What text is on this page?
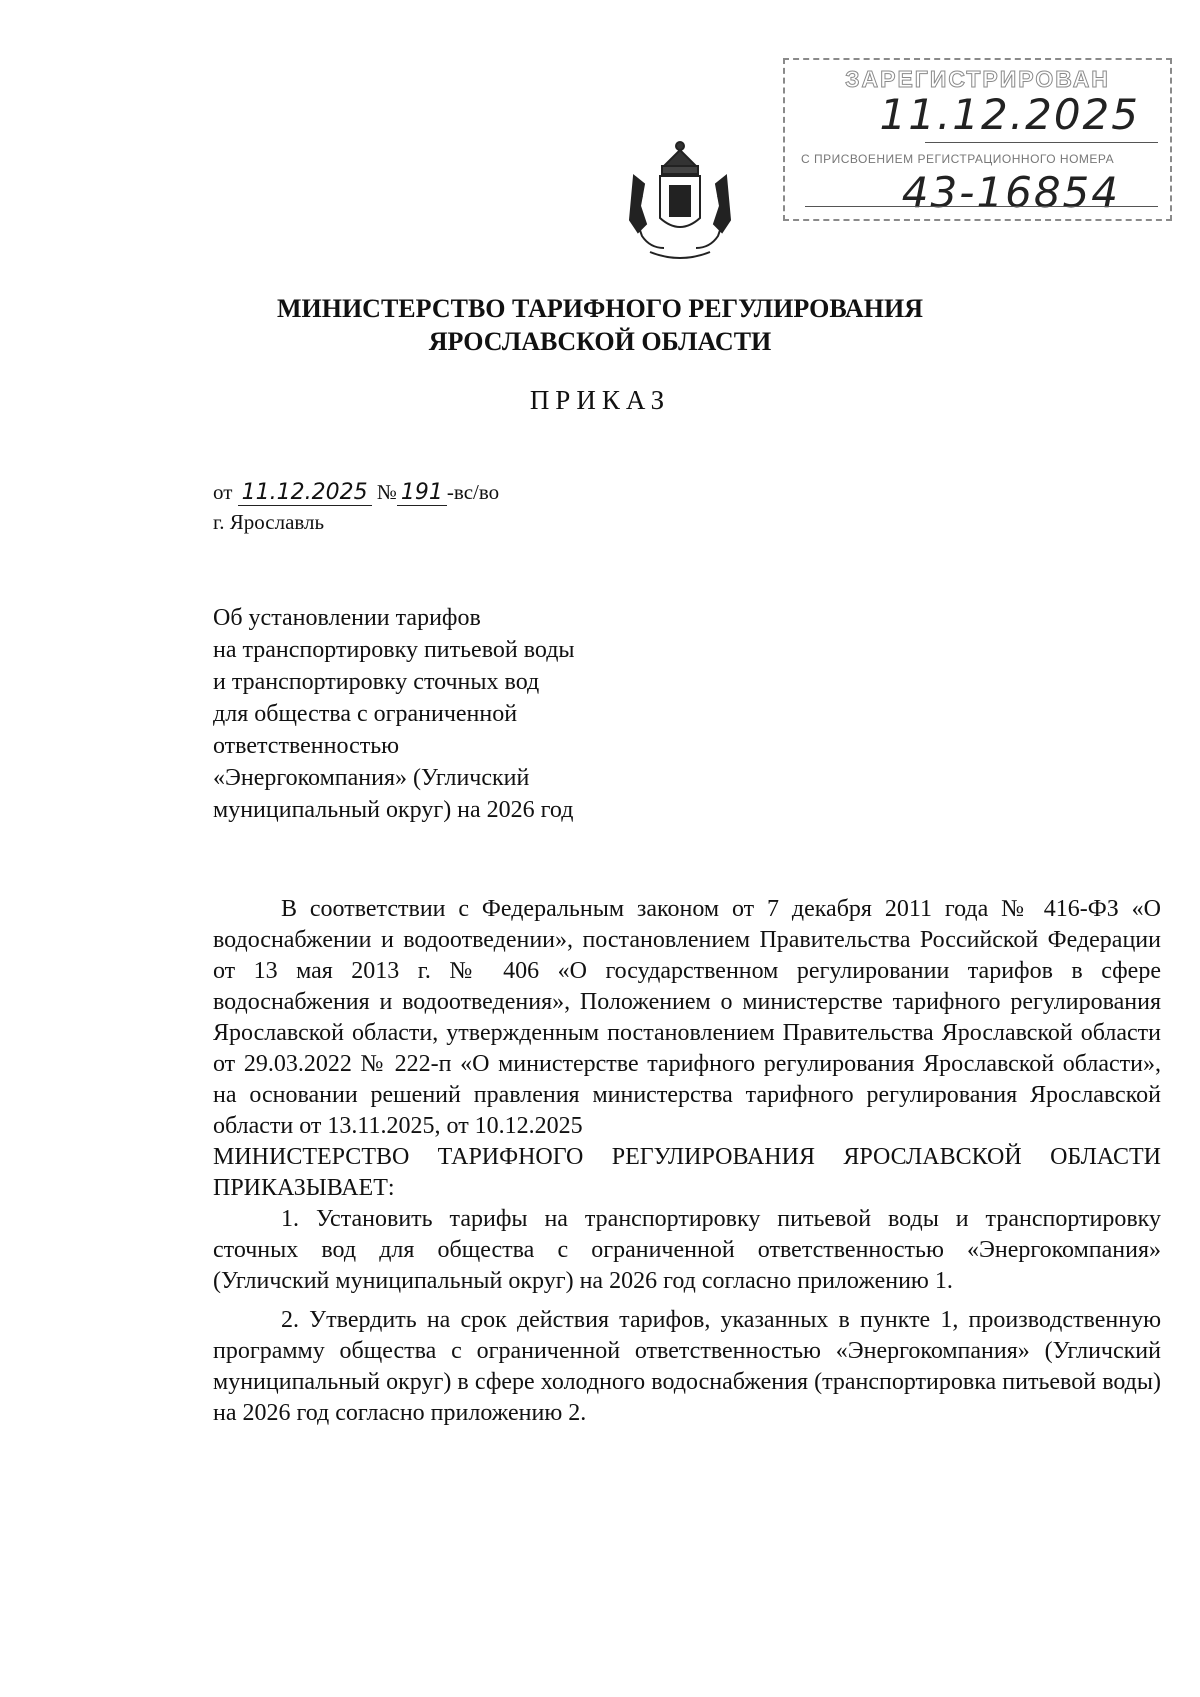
ЗАРЕГИСТРИРОВАН
11.12.2025
С ПРИСВОЕНИЕМ РЕГИСТРАЦИОННОГО НОМЕРА
43-16854
МИНИСТЕРСТВО ТАРИФНОГО РЕГУЛИРОВАНИЯ
ЯРОСЛАВСКОЙ ОБЛАСТИ
ПРИКАЗ
от 11.12.2025 № 191 -вс/во
г. Ярославль

Об установлении тарифов

на транспортировку питьевой воды

и транспортировку сточных вод

для общества с ограниченной

ответственностью

«Энергокомпания» (Угличский

муниципальный округ) на 2026 год

В соответствии с Федеральным законом от 7 декабря 2011 года № 416-ФЗ «О водоснабжении и водоотведении», постановлением Правительства Российской Федерации от 13 мая 2013 г. № 406 «О государственном регулировании тарифов в сфере водоснабжения и водоотведения», Положением о министерстве тарифного регулирования Ярославской области, утвержденным постановлением Правительства Ярославской области от 29.03.2022 № 222-п «О министерстве тарифного регулирования Ярославской области», на основании решений правления министерства тарифного регулирования Ярославской области от 13.11.2025, от 10.12.2025

МИНИСТЕРСТВО ТАРИФНОГО РЕГУЛИРОВАНИЯ ЯРОСЛАВСКОЙ ОБЛАСТИ ПРИКАЗЫВАЕТ:

1. Установить тарифы на транспортировку питьевой воды и транспортировку сточных вод для общества с ограниченной ответственностью «Энергокомпания» (Угличский муниципальный округ) на 2026 год согласно приложению 1.

2. Утвердить на срок действия тарифов, указанных в пункте 1, производственную программу общества с ограниченной ответственностью «Энергокомпания» (Угличский муниципальный округ) в сфере холодного водоснабжения (транспортировка питьевой воды) на 2026 год согласно приложению 2.
